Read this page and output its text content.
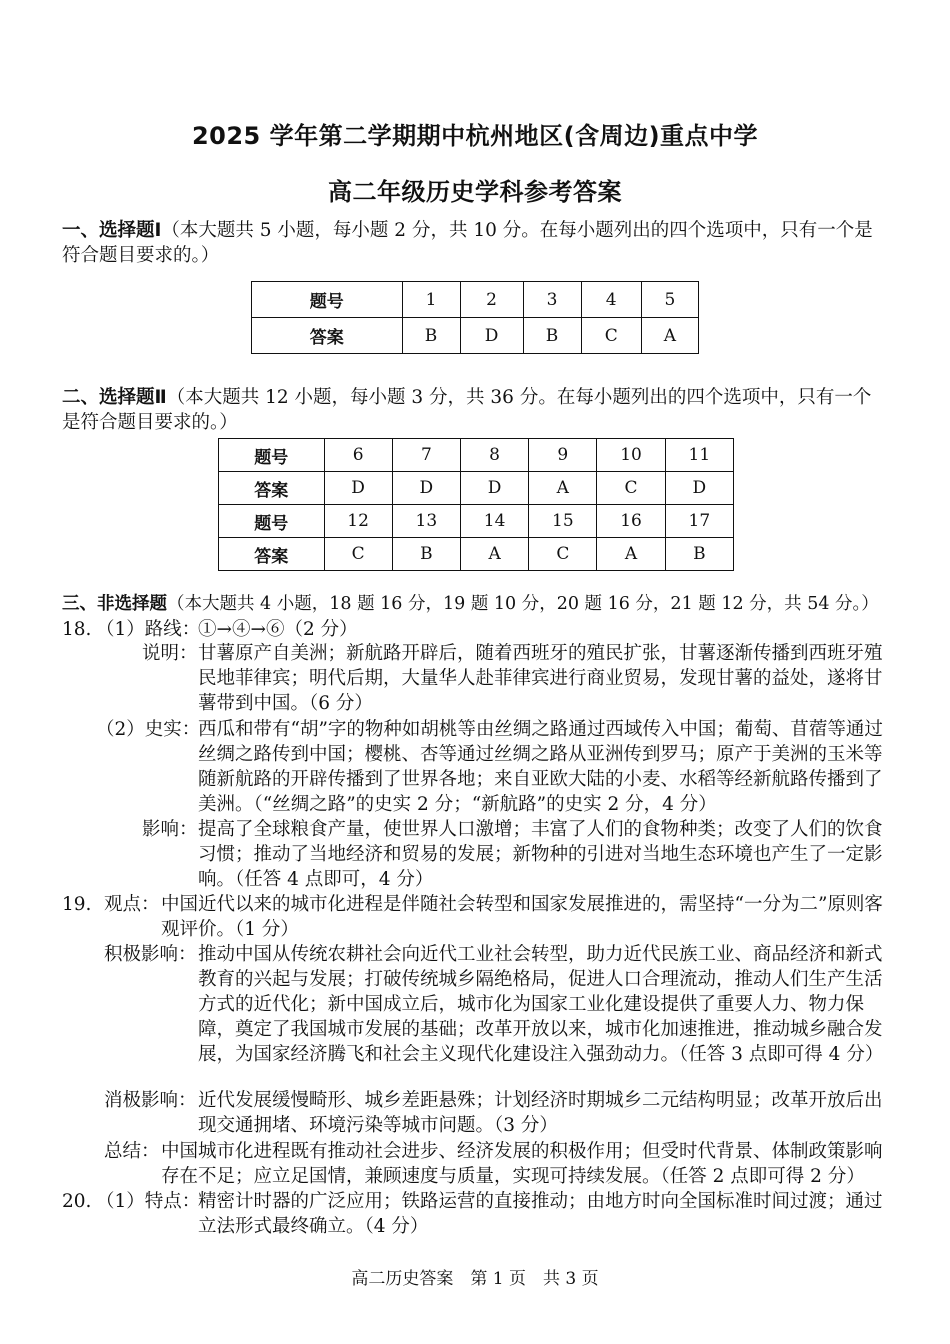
2025 学年第二学期期中杭州地区(含周边)重点中学
高二年级历史学科参考答案
一、选择题Ⅰ（本大题共 5 小题，每小题 2 分，共 10 分。在每小题列出的四个选项中，只有一个是符合题目要求的。）
题号	1	2	3	4	5
答案	B	D	B	C	A
二、选择题Ⅱ（本大题共 12 小题，每小题 3 分，共 36 分。在每小题列出的四个选项中，只有一个是符合题目要求的。）
题号	6	7	8	9	10	11
答案	D	D	D	A	C	D
题号	12	13	14	15	16	17
答案	C	B	A	C	A	B
三、非选择题（本大题共 4 小题，18 题 16 分，19 题 10 分，20 题 16 分，21 题 12 分，共 54 分。）
18. （1）路线：
①→④→⑥（2 分）
说明： 甘薯原产自美洲；新航路开辟后，随着西班牙的殖民扩张，甘薯逐渐传播到西班牙殖民地菲律宾；明代后期，大量华人赴菲律宾进行商业贸易，发现甘薯的益处，遂将甘薯带到中国。（6 分）
（2）史实：
西瓜和带有“胡”字的物种如胡桃等由丝绸之路通过西域传入中国；葡萄、苜蓿等通过丝绸之路传到中国；樱桃、杏等通过丝绸之路从亚洲传到罗马；原产于美洲的玉米等随新航路的开辟传播到了世界各地；来自亚欧大陆的小麦、水稻等经新航路传播到了美洲。（“丝绸之路”的史实 2 分；“新航路”的史实 2 分，4 分）
影响： 提高了全球粮食产量，使世界人口激增；丰富了人们的食物种类；改变了人们的饮食习惯；推动了当地经济和贸易的发展；新物种的引进对当地生态环境也产生了一定影响。（任答 4 点即可，4 分）
19. 观点： 中国近代以来的城市化进程是伴随社会转型和国家发展推进的，需坚持“一分为二”原则客观评价。（1 分）
积极影响： 推动中国从传统农耕社会向近代工业社会转型，助力近代民族工业、商品经济和新式教育的兴起与发展；打破传统城乡隔绝格局，促进人口合理流动，推动人们生产生活方式的近代化；新中国成立后，城市化为国家工业化建设提供了重要人力、物力保障，奠定了我国城市发展的基础；改革开放以来，城市化加速推进，推动城乡融合发展，为国家经济腾飞和社会主义现代化建设注入强劲动力。（任答 3 点即可得 4 分）
消极影响： 近代发展缓慢畸形、城乡差距悬殊；计划经济时期城乡二元结构明显；改革开放后出现交通拥堵、环境污染等城市问题。（3 分）
总结： 中国城市化进程既有推动社会进步、经济发展的积极作用；但受时代背景、体制政策影响存在不足；应立足国情，兼顾速度与质量，实现可持续发展。（任答 2 点即可得 2 分）
20. （1）特点：
精密计时器的广泛应用；铁路运营的直接推动；由地方时向全国标准时间过渡；通过立法形式最终确立。（4 分）
高二历史答案　第 1 页　共 3 页
